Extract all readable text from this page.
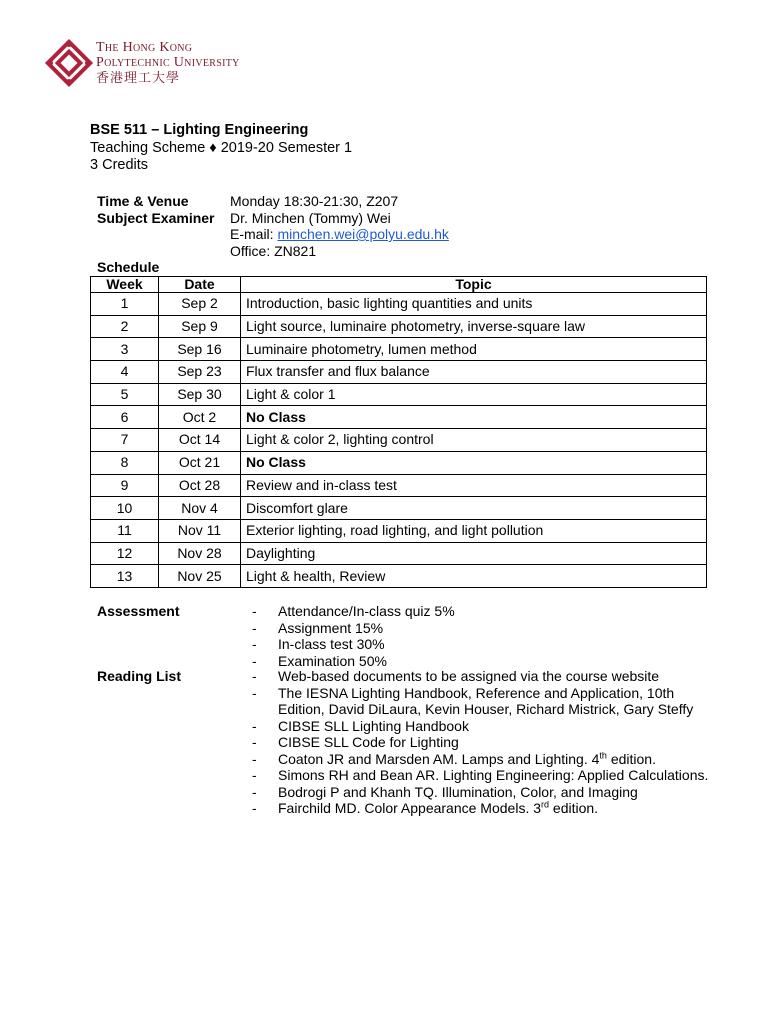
The Hong Kong
Polytechnic University
香港理工大學
BSE 511 – Lighting Engineering
Teaching Scheme ♦ 2019-20 Semester 1
3 Credits
Time & Venue	Monday 18:30-21:30, Z207
Subject Examiner	Dr. Minchen (Tommy) Wei
E-mail: minchen.wei@polyu.edu.hk
Office: ZN821
Schedule
Week	Date	Topic
1	Sep 2	Introduction, basic lighting quantities and units
2	Sep 9	Light source, luminaire photometry, inverse-square law
3	Sep 16	Luminaire photometry, lumen method
4	Sep 23	Flux transfer and flux balance
5	Sep 30	Light & color 1
6	Oct 2	No Class
7	Oct 14	Light & color 2, lighting control
8	Oct 21	No Class
9	Oct 28	Review and in-class test
10	Nov 4	Discomfort glare
11	Nov 11	Exterior lighting, road lighting, and light pollution
12	Nov 28	Daylighting
13	Nov 25	Light & health, Review
Assessment	-	Attendance/In-class quiz 5%
-	Assignment 15%
-	In-class test 30%
-	Examination 50%
Reading List	-	Web-based documents to be assigned via the course website
-	The IESNA Lighting Handbook, Reference and Application, 10th Edition, David DiLaura, Kevin Houser, Richard Mistrick, Gary Steffy
-	CIBSE SLL Lighting Handbook
-	CIBSE SLL Code for Lighting
-	Coaton JR and Marsden AM. Lamps and Lighting. 4th edition.
-	Simons RH and Bean AR. Lighting Engineering: Applied Calculations.
-	Bodrogi P and Khanh TQ. Illumination, Color, and Imaging
-	Fairchild MD. Color Appearance Models. 3rd edition.
